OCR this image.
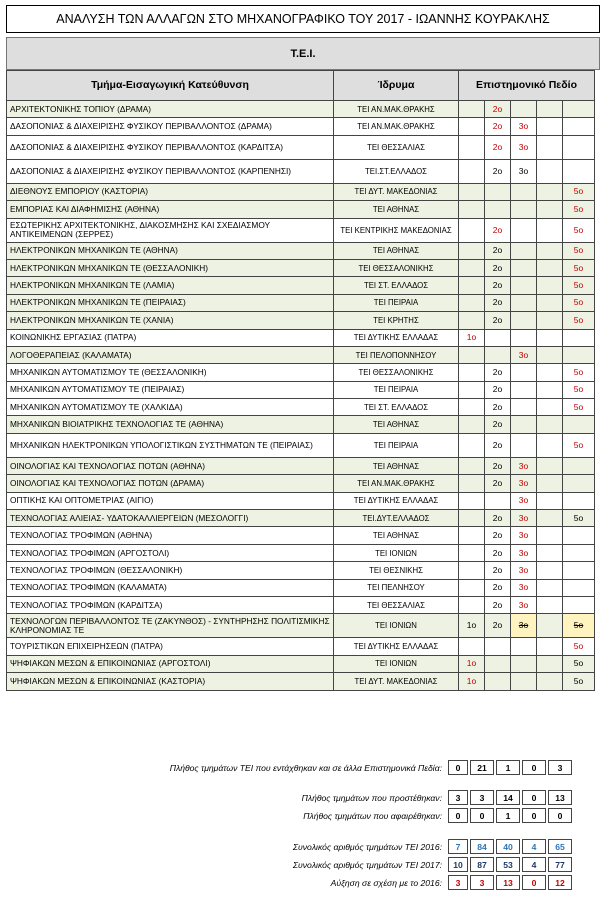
ΑΝΑΛΥΣΗ ΤΩΝ ΑΛΛΑΓΩΝ ΣΤΟ ΜΗΧΑΝΟΓΡΑΦΙΚΟ ΤΟΥ 2017 - ΙΩΑΝΝΗΣ ΚΟΥΡΑΚΛΗΣ
Τ.Ε.Ι.
Τμήμα-Εισαγωγική Κατεύθυνση	Ίδρυμα	Επιστημονικό Πεδίο				
ΑΡΧΙΤΕΚΤΟΝΙΚΗΣ ΤΟΠΙΟΥ (ΔΡΑΜΑ)	ΤΕΙ ΑΝ.ΜΑΚ.ΘΡΑΚΗΣ		2ο			
ΔΑΣΟΠΟΝΙΑΣ & ΔΙΑΧΕΙΡΙΣΗΣ ΦΥΣΙΚΟΥ ΠΕΡΙΒΑΛΛΟΝΤΟΣ (ΔΡΑΜΑ)	ΤΕΙ ΑΝ.ΜΑΚ.ΘΡΑΚΗΣ		2ο	3ο		
ΔΑΣΟΠΟΝΙΑΣ & ΔΙΑΧΕΙΡΙΣΗΣ ΦΥΣΙΚΟΥ ΠΕΡΙΒΑΛΛΟΝΤΟΣ (ΚΑΡΔΙΤΣΑ)	ΤΕΙ ΘΕΣΣΑΛΙΑΣ		2ο	3ο		
ΔΑΣΟΠΟΝΙΑΣ & ΔΙΑΧΕΙΡΙΣΗΣ ΦΥΣΙΚΟΥ ΠΕΡΙΒΑΛΛΟΝΤΟΣ (ΚΑΡΠΕΝΗΣΙ)	ΤΕΙ.ΣΤ.ΕΛΛΑΔΟΣ		2ο	3ο		
ΔΙΕΘΝΟΥΣ ΕΜΠΟΡΙΟΥ (ΚΑΣΤΟΡΙΑ)	ΤΕΙ ΔΥΤ. ΜΑΚΕΔΟΝΙΑΣ					5ο
ΕΜΠΟΡΙΑΣ ΚΑΙ ΔΙΑΦΗΜΙΣΗΣ (ΑΘΗΝΑ)	ΤΕΙ ΑΘΗΝΑΣ					5ο
ΕΣΩΤΕΡΙΚΗΣ ΑΡΧΙΤΕΚΤΟΝΙΚΗΣ, ΔΙΑΚΟΣΜΗΣΗΣ ΚΑΙ ΣΧΕΔΙΑΣΜΟΥ ΑΝΤΙΚΕΙΜΕΝΩΝ (ΣΕΡΡΕΣ)	ΤΕΙ ΚΕΝΤΡΙΚΗΣ ΜΑΚΕΔΟΝΙΑΣ		2ο			5ο
ΗΛΕΚΤΡΟΝΙΚΩΝ ΜΗΧΑΝΙΚΩΝ ΤΕ (ΑΘΗΝΑ)	ΤΕΙ ΑΘΗΝΑΣ		2ο			5ο
ΗΛΕΚΤΡΟΝΙΚΩΝ ΜΗΧΑΝΙΚΩΝ ΤΕ (ΘΕΣΣΑΛΟΝΙΚΗ)	ΤΕΙ ΘΕΣΣΑΛΟΝΙΚΗΣ		2ο			5ο
ΗΛΕΚΤΡΟΝΙΚΩΝ ΜΗΧΑΝΙΚΩΝ ΤΕ (ΛΑΜΙΑ)	ΤΕΙ ΣΤ. ΕΛΛΑΔΟΣ		2ο			5ο
ΗΛΕΚΤΡΟΝΙΚΩΝ ΜΗΧΑΝΙΚΩΝ ΤΕ (ΠΕΙΡΑΙΑΣ)	ΤΕΙ ΠΕΙΡΑΙΑ		2ο			5ο
ΗΛΕΚΤΡΟΝΙΚΩΝ ΜΗΧΑΝΙΚΩΝ ΤΕ (ΧΑΝΙΑ)	ΤΕΙ ΚΡΗΤΗΣ		2ο			5ο
ΚΟΙΝΩΝΙΚΗΣ ΕΡΓΑΣΙΑΣ (ΠΑΤΡΑ)	ΤΕΙ ΔΥΤΙΚΗΣ ΕΛΛΑΔΑΣ	1ο				
ΛΟΓΟΘΕΡΑΠΕΙΑΣ (ΚΑΛΑΜΑΤΑ)	ΤΕΙ ΠΕΛΟΠΟΝΝΗΣΟΥ			3ο		
ΜΗΧΑΝΙΚΩΝ ΑΥΤΟΜΑΤΙΣΜΟΥ ΤΕ (ΘΕΣΣΑΛΟΝΙΚΗ)	ΤΕΙ ΘΕΣΣΑΛΟΝΙΚΗΣ		2ο			5ο
ΜΗΧΑΝΙΚΩΝ ΑΥΤΟΜΑΤΙΣΜΟΥ ΤΕ (ΠΕΙΡΑΙΑΣ)	ΤΕΙ ΠΕΙΡΑΙΑ		2ο			5ο
ΜΗΧΑΝΙΚΩΝ ΑΥΤΟΜΑΤΙΣΜΟΥ ΤΕ (ΧΑΛΚΙΔΑ)	ΤΕΙ ΣΤ. ΕΛΛΑΔΟΣ		2ο			5ο
ΜΗΧΑΝΙΚΩΝ ΒΙΟΙΑΤΡΙΚΗΣ ΤΕΧΝΟΛΟΓΙΑΣ ΤΕ (ΑΘΗΝΑ)	ΤΕΙ ΑΘΗΝΑΣ		2ο			
ΜΗΧΑΝΙΚΩΝ ΗΛΕΚΤΡΟΝΙΚΩΝ ΥΠΟΛΟΓΙΣΤΙΚΩΝ ΣΥΣΤΗΜΑΤΩΝ ΤΕ (ΠΕΙΡΑΙΑΣ)	ΤΕΙ ΠΕΙΡΑΙΑ		2ο			5ο
ΟΙΝΟΛΟΓΙΑΣ ΚΑΙ ΤΕΧΝΟΛΟΓΙΑΣ ΠΟΤΩΝ (ΑΘΗΝΑ)	ΤΕΙ ΑΘΗΝΑΣ		2ο	3ο		
ΟΙΝΟΛΟΓΙΑΣ ΚΑΙ ΤΕΧΝΟΛΟΓΙΑΣ ΠΟΤΩΝ (ΔΡΑΜΑ)	ΤΕΙ ΑΝ.ΜΑΚ.ΘΡΑΚΗΣ		2ο	3ο		
ΟΠΤΙΚΗΣ ΚΑΙ ΟΠΤΟΜΕΤΡΙΑΣ (ΑΙΓΙΟ)	ΤΕΙ ΔΥΤΙΚΗΣ ΕΛΛΑΔΑΣ			3ο		
ΤΕΧΝΟΛΟΓΙΑΣ ΑΛΙΕΙΑΣ- ΥΔΑΤΟΚΑΛΛΙΕΡΓΕΙΩΝ (ΜΕΣΟΛΟΓΓΙ)	ΤΕΙ.ΔΥΤ.ΕΛΛΑΔΟΣ		2ο	3ο		5ο
ΤΕΧΝΟΛΟΓΙΑΣ ΤΡΟΦΙΜΩΝ (ΑΘΗΝΑ)	ΤΕΙ ΑΘΗΝΑΣ		2ο	3ο		
ΤΕΧΝΟΛΟΓΙΑΣ ΤΡΟΦΙΜΩΝ (ΑΡΓΟΣΤΟΛΙ)	ΤΕΙ ΙΟΝΙΩΝ		2ο	3ο		
ΤΕΧΝΟΛΟΓΙΑΣ ΤΡΟΦΙΜΩΝ (ΘΕΣΣΑΛΟΝΙΚΗ)	ΤΕΙ ΘΕΣΝΙΚΗΣ		2ο	3ο		
ΤΕΧΝΟΛΟΓΙΑΣ ΤΡΟΦΙΜΩΝ (ΚΑΛΑΜΑΤΑ)	ΤΕΙ ΠΕΛΝΗΣΟΥ		2ο	3ο		
ΤΕΧΝΟΛΟΓΙΑΣ ΤΡΟΦΙΜΩΝ (ΚΑΡΔΙΤΣΑ)	ΤΕΙ ΘΕΣΣΑΛΙΑΣ		2ο	3ο		
ΤΕΧΝΟΛΟΓΩΝ ΠΕΡΙΒΑΛΛΟΝΤΟΣ ΤΕ (ΖΑΚΥΝΘΟΣ) - ΣΥΝΤΗΡΗΣΗΣ ΠΟΛΙΤΙΣΜΙΚΗΣ ΚΛΗΡΟΝΟΜΙΑΣ ΤΕ	ΤΕΙ ΙΟΝΙΩΝ	1ο	2ο	3ο		5ο
ΤΟΥΡΙΣΤΙΚΩΝ ΕΠΙΧΕΙΡΗΣΕΩΝ (ΠΑΤΡΑ)	ΤΕΙ ΔΥΤΙΚΗΣ ΕΛΛΑΔΑΣ					5ο
ΨΗΦΙΑΚΩΝ ΜΕΣΩΝ & ΕΠΙΚΟΙΝΩΝΙΑΣ (ΑΡΓΟΣΤΟΛΙ)	ΤΕΙ ΙΟΝΙΩΝ	1ο				5ο
ΨΗΦΙΑΚΩΝ ΜΕΣΩΝ & ΕΠΙΚΟΙΝΩΝΙΑΣ (ΚΑΣΤΟΡΙΑ)	ΤΕΙ ΔΥΤ. ΜΑΚΕΔΟΝΙΑΣ	1ο				5ο
Πλήθος τμημάτων ΤΕΙ που εντάχθηκαν και σε άλλα Επιστημονικά Πεδία:	0	21	1	0	3
Πλήθος τμημάτων που προστέθηκαν:	3	3	14	0	13
Πλήθος τμημάτων που αφαιρέθηκαν:	0	0	1	0	0
Συνολικός αριθμός τμημάτων ΤΕΙ 2016:	7	84	40	4	65
Συνολικός αριθμός τμημάτων ΤΕΙ 2017:	10	87	53	4	77
Αύξηση σε σχέση με το 2016:	3	3	13	0	12
